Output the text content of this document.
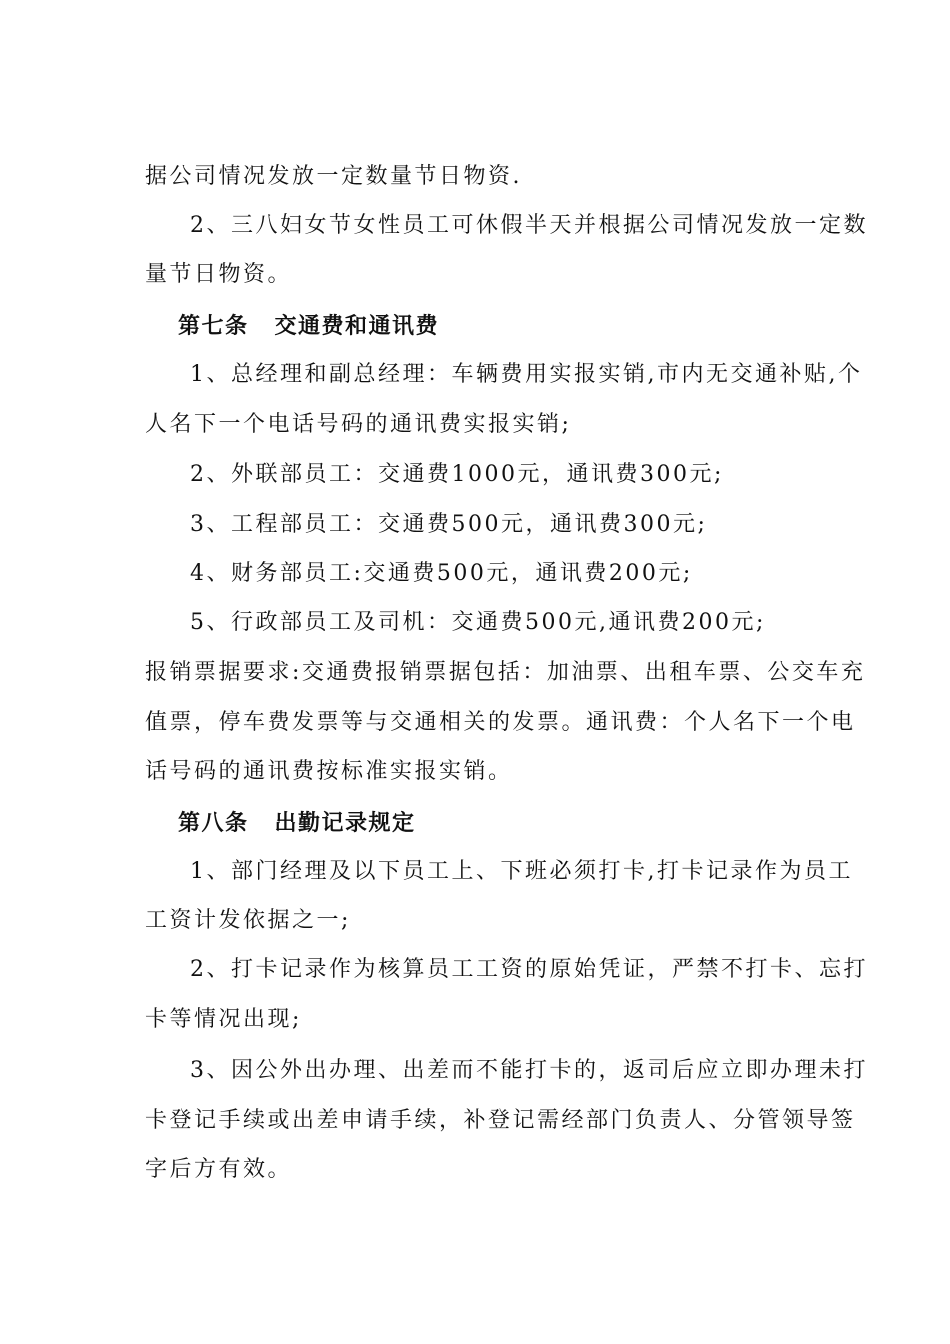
据公司情况发放一定数量节日物资.
2、三八妇女节女性员工可休假半天并根据公司情况发放一定数
量节日物资。
第七条 交通费和通讯费
1、总经理和副总经理：车辆费用实报实销,市内无交通补贴,个
人名下一个电话号码的通讯费实报实销;
2、外联部员工：交通费1000元，通讯费300元;
3、工程部员工：交通费500元，通讯费300元;
4、财务部员工:交通费500元，通讯费200元;
5、行政部员工及司机：交通费500元,通讯费200元;
报销票据要求:交通费报销票据包括：加油票、出租车票、公交车充
值票，停车费发票等与交通相关的发票。通讯费：个人名下一个电
话号码的通讯费按标准实报实销。
第八条 出勤记录规定
1、部门经理及以下员工上、下班必须打卡,打卡记录作为员工
工资计发依据之一;
2、打卡记录作为核算员工工资的原始凭证，严禁不打卡、忘打
卡等情况出现;
3、因公外出办理、出差而不能打卡的，返司后应立即办理未打
卡登记手续或出差申请手续，补登记需经部门负责人、分管领导签
字后方有效。
